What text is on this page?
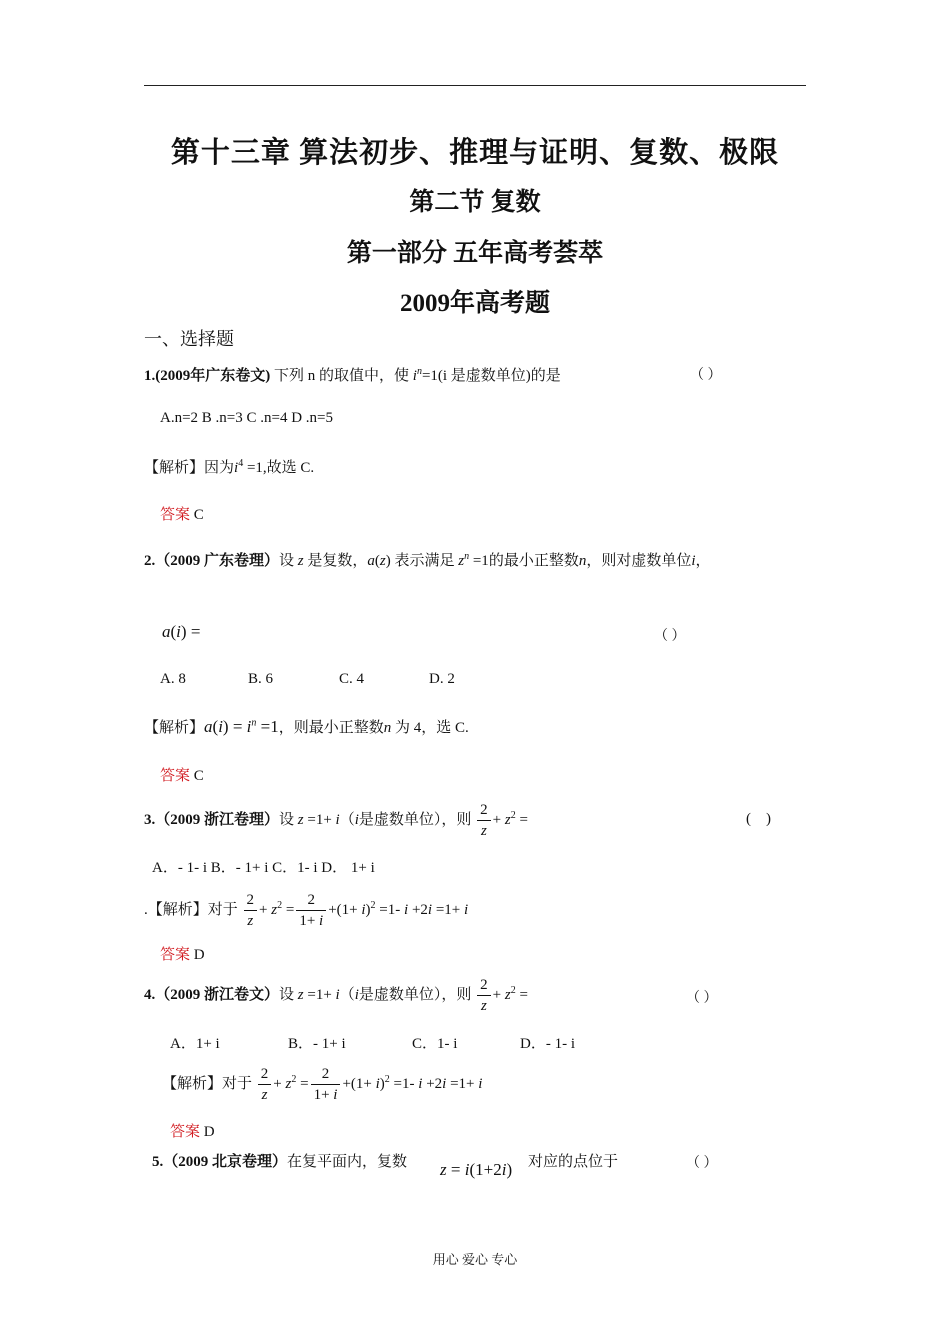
第十三章 算法初步、推理与证明、复数、极限
第二节 复数
第一部分 五年高考荟萃
2009年高考题
一、选择题
1.(2009年广东卷文) 下列 n 的取值中，使 $i^n=1(i$ 是虚数单位)的是	（ ）
A.n=2 B .n=3 C .n=4 D .n=5
【解析】因为$i^4 =1$,故选 C.
答案 C
2.（2009 广东卷理）设 z 是复数，a(z) 表示满足 $z^n =1$的最小正整数n，则对虚数单位i，
a(i) =	（ ）
A. 8	B. 6	C. 4	D. 2
【解析】$a(i) = i^n =1$，则最小正整数n 为 4，选 C.
答案 C
3.（2009 浙江卷理）设 z =1+ i（i是虚数单位），则 $\frac{2}{z} + z^2$ =	(    )
A．- 1- i B．- 1+ i C．1- i D． 1+ i
.【解析】对于 $\frac{2}{z} + z^2 = \frac{2}{1+ i} +(1+ i)^2 =1-$ i +2i =1+ i
答案 D
4.（2009 浙江卷文）设 z =1+ i（i是虚数单位），则 $\frac{2}{z} + z^2$ =	（ ）
A．1+ i	B．- 1+ i	C．1- i	D．- 1- i
【解析】对于 $\frac{2}{z} + z^2 = \frac{2}{1+ i} +(1+ i)^2 =1-$ i +2i =1+ i
答案 D
5.（2009 北京卷理）在复平面内，复数 z = i(1+2i) 对应的点位于	（ ）
用心 爱心 专心
